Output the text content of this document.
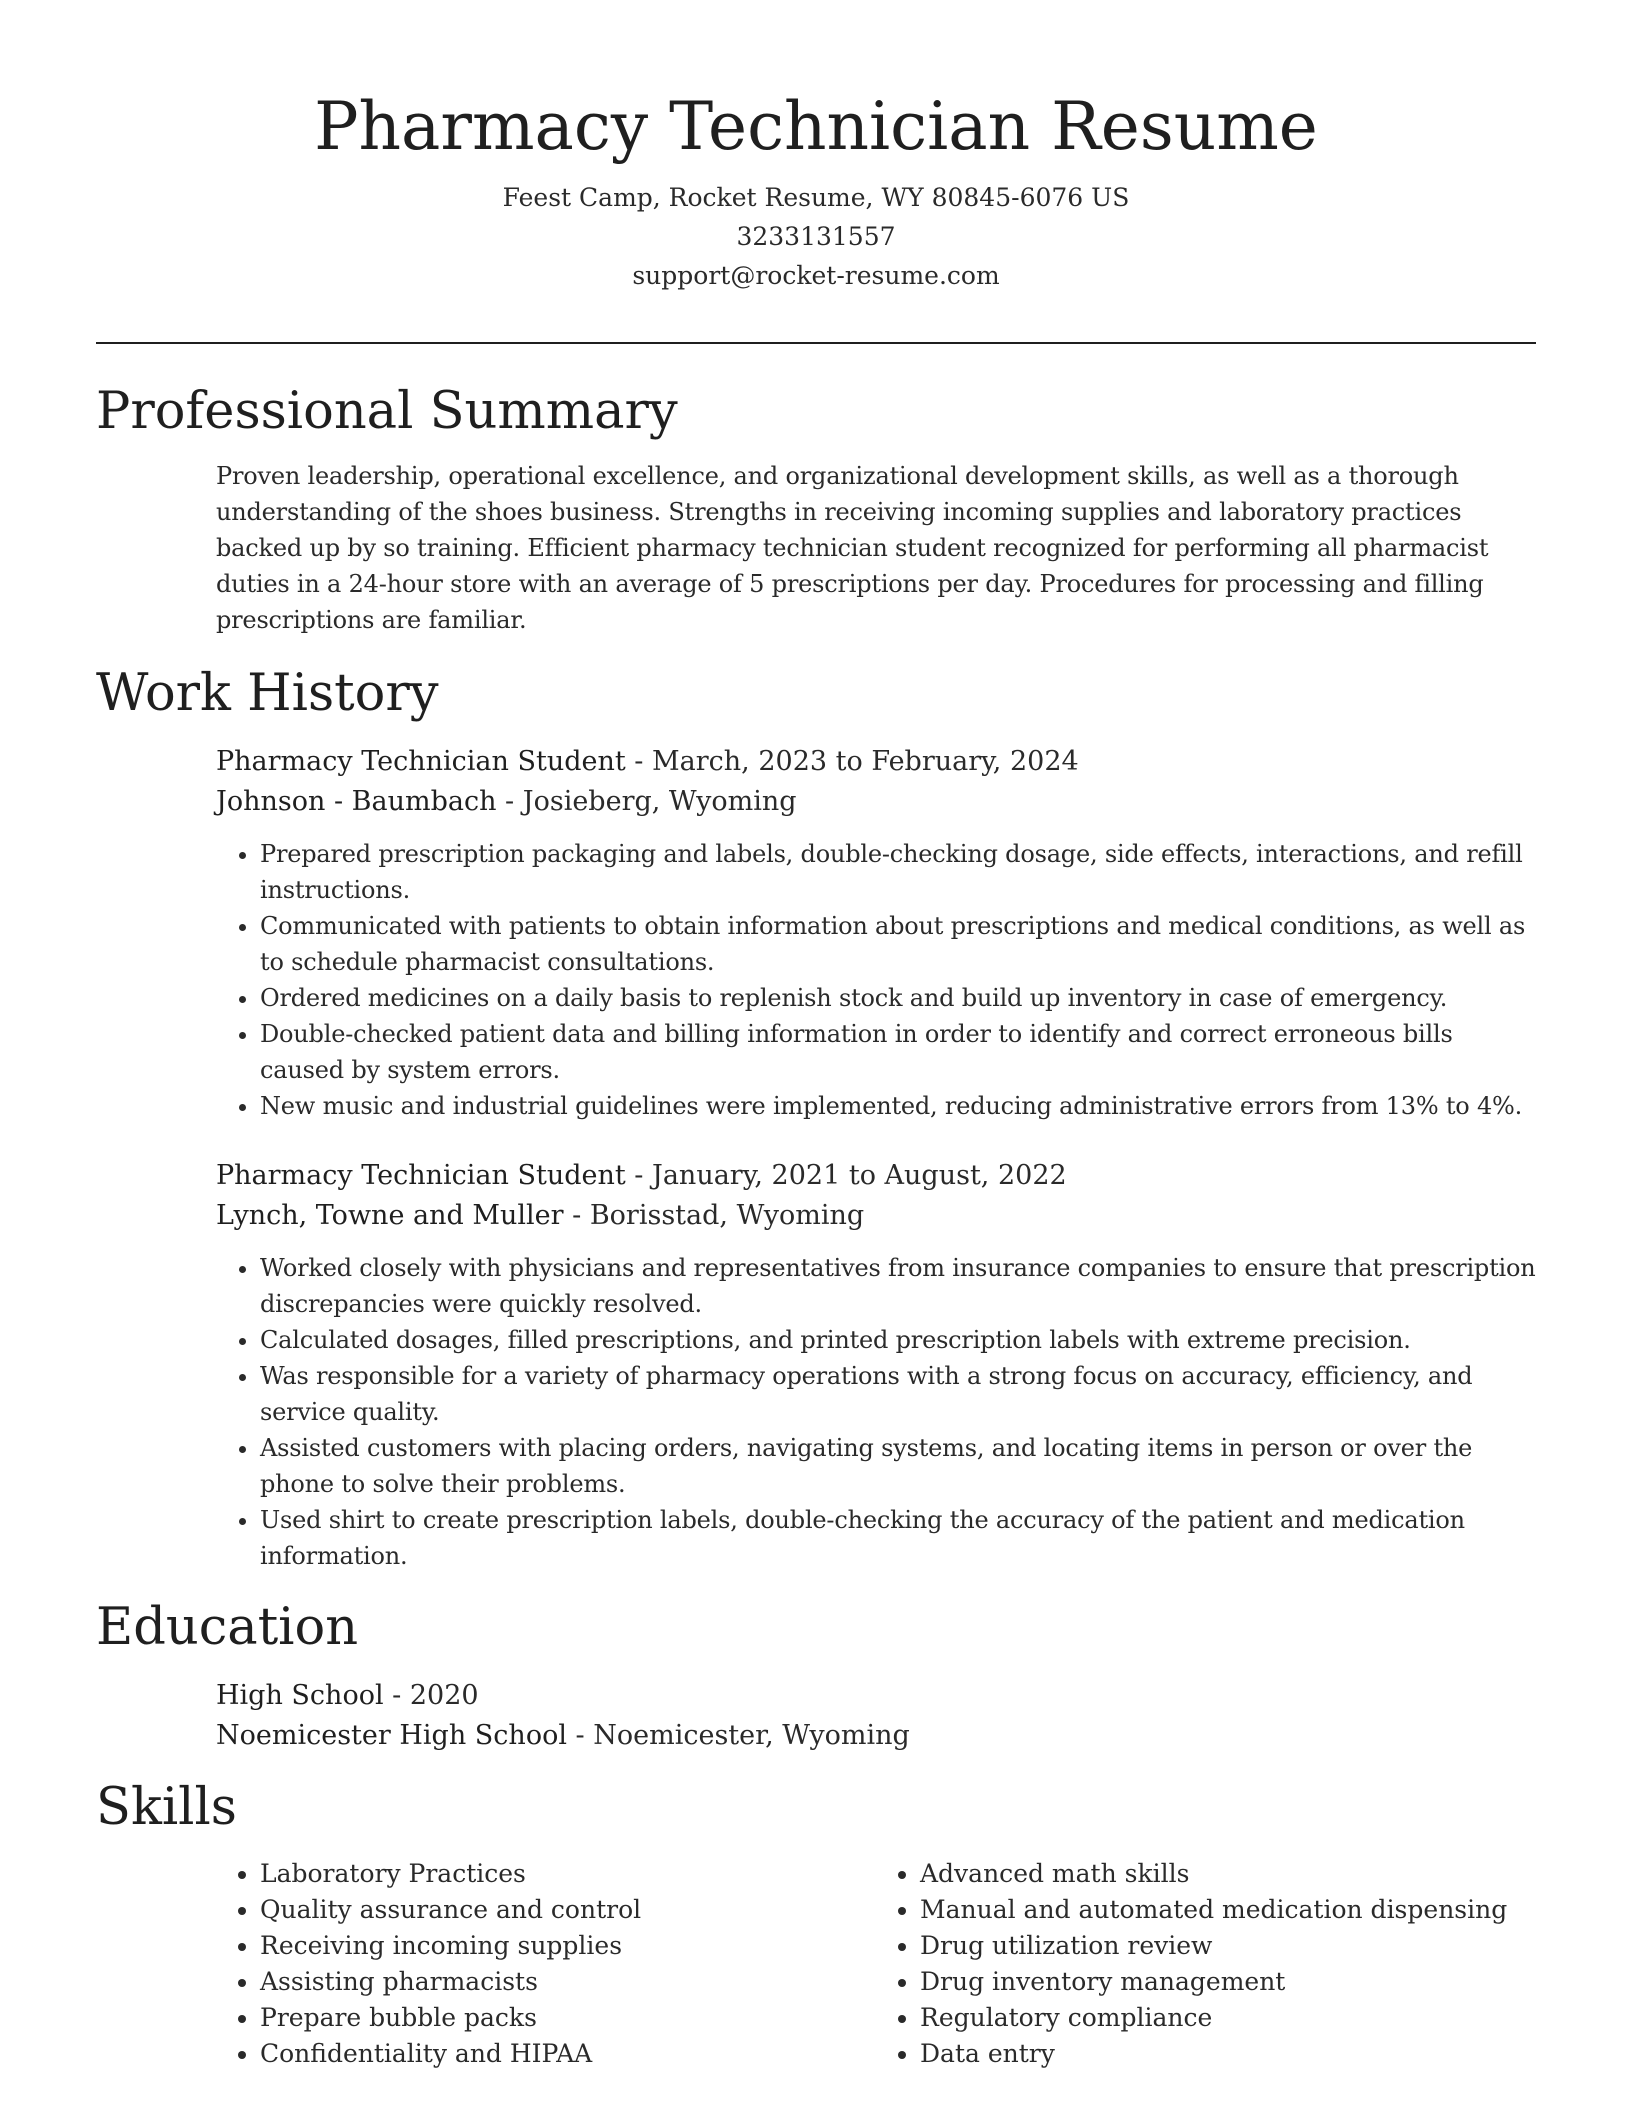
Pharmacy Technician Resume
Feest Camp, Rocket Resume, WY 80845-6076 US
3233131557
support@rocket-resume.com
Professional Summary

Proven leadership, operational excellence, and organizational development skills, as well as a thorough understanding of the shoes business. Strengths in receiving incoming supplies and laboratory practices backed up by so training. Efficient pharmacy technician student recognized for performing all pharmacist duties in a 24-hour store with an average of 5 prescriptions per day. Procedures for processing and filling prescriptions are familiar.

Work History

Pharmacy Technician Student - March, 2023 to February, 2024

Johnson - Baumbach - Josieberg, Wyoming

• Prepared prescription packaging and labels, double-checking dosage, side effects, interactions, and refill instructions.
• Communicated with patients to obtain information about prescriptions and medical conditions, as well as to schedule pharmacist consultations.
• Ordered medicines on a daily basis to replenish stock and build up inventory in case of emergency.
• Double-checked patient data and billing information in order to identify and correct erroneous bills caused by system errors.
• New music and industrial guidelines were implemented, reducing administrative errors from 13% to 4%.

Pharmacy Technician Student - January, 2021 to August, 2022

Lynch, Towne and Muller - Borisstad, Wyoming

• Worked closely with physicians and representatives from insurance companies to ensure that prescription discrepancies were quickly resolved.
• Calculated dosages, filled prescriptions, and printed prescription labels with extreme precision.
• Was responsible for a variety of pharmacy operations with a strong focus on accuracy, efficiency, and service quality.
• Assisted customers with placing orders, navigating systems, and locating items in person or over the phone to solve their problems.
• Used shirt to create prescription labels, double-checking the accuracy of the patient and medication information.
Education

High School - 2020

Noemicester High School - Noemicester, Wyoming

Skills
• Laboratory Practices
• Quality assurance and control
• Receiving incoming supplies
• Assisting pharmacists
• Prepare bubble packs
• Confidentiality and HIPAA
• Advanced math skills
• Manual and automated medication dispensing
• Drug utilization review
• Drug inventory management
• Regulatory compliance
• Data entry
